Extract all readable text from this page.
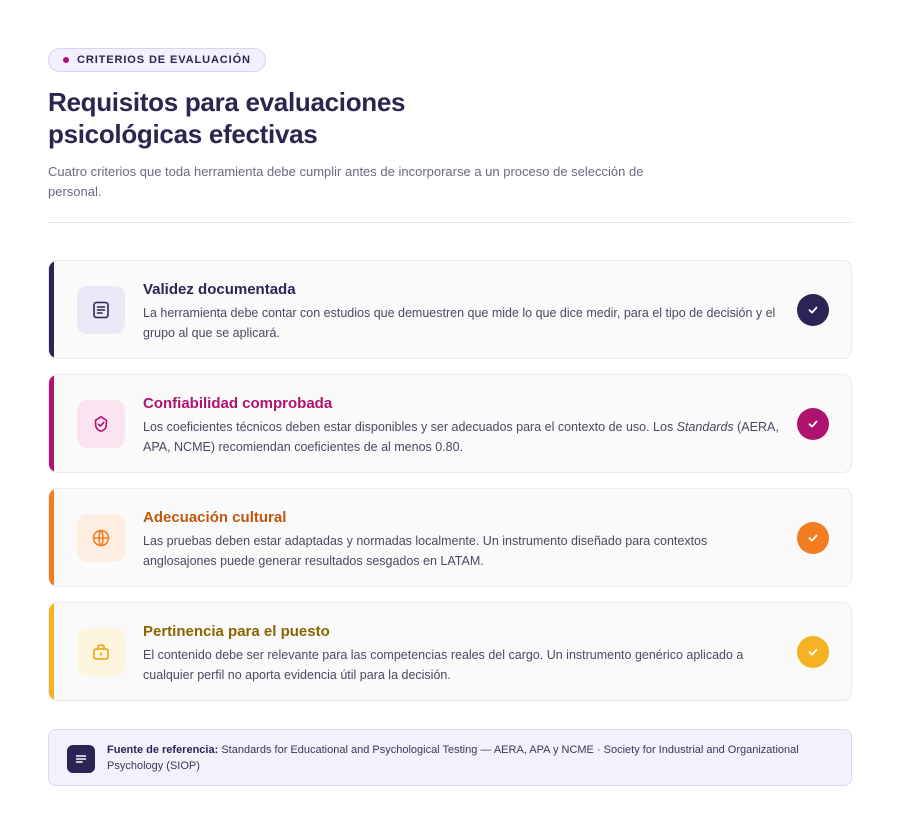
CRITERIOS DE EVALUACIÓN
Requisitos para evaluaciones psicológicas efectivas

Cuatro criterios que toda herramienta debe cumplir antes de incorporarse a un proceso de selección de personal.

Validez documentada
La herramienta debe contar con estudios que demuestren que mide lo que dice medir, para el tipo de decisión y el grupo al que se aplicará.
Confiabilidad comprobada
Los coeficientes técnicos deben estar disponibles y ser adecuados para el contexto de uso. Los Standards (AERA, APA, NCME) recomiendan coeficientes de al menos 0.80.
Adecuación cultural
Las pruebas deben estar adaptadas y normadas localmente. Un instrumento diseñado para contextos anglosajones puede generar resultados sesgados en LATAM.
Pertinencia para el puesto
El contenido debe ser relevante para las competencias reales del cargo. Un instrumento genérico aplicado a cualquier perfil no aporta evidencia útil para la decisión.
Fuente de referencia: Standards for Educational and Psychological Testing — AERA, APA y NCME · Society for Industrial and Organizational Psychology (SIOP)
